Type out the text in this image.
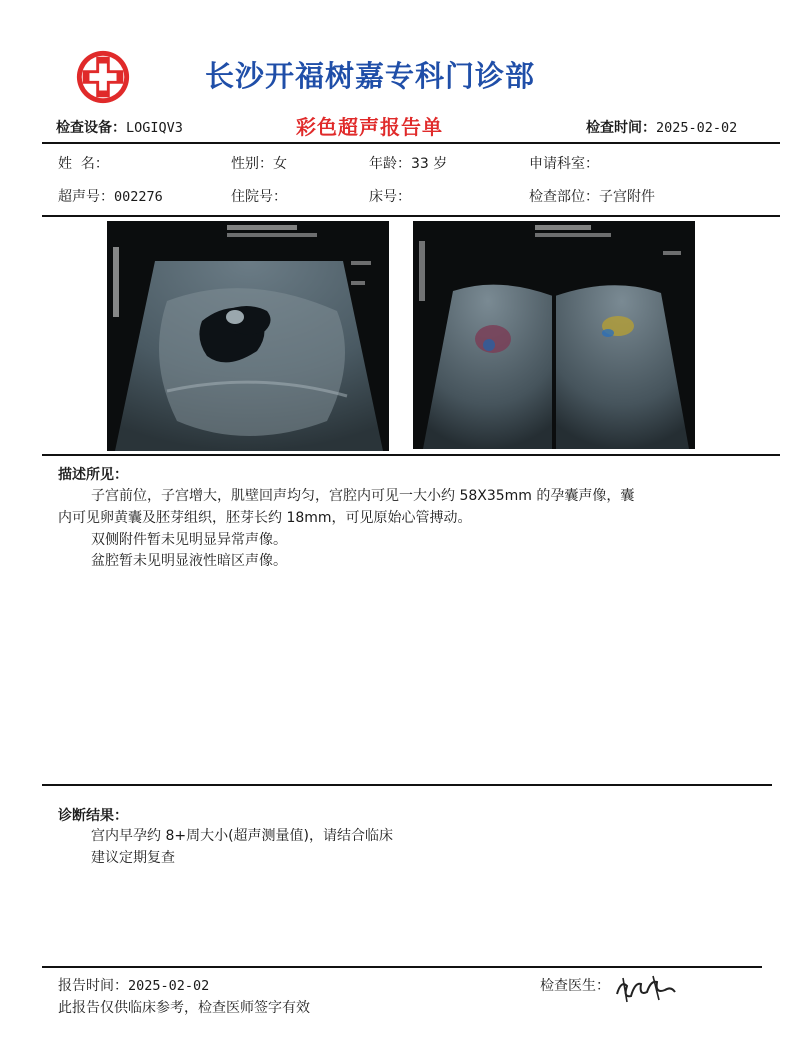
长沙开福树嘉专科门诊部
检查设备：LOGIQV3	彩色超声报告单	检查时间：2025-02-02
姓  名：	性别：女	年龄：33 岁	申请科室：
超声号：002276	住院号：	床号：	检查部位：子宫附件
描述所见：
子宫前位，子宫增大，肌壁回声均匀，宫腔内可见一大小约 58X35mm 的孕囊声像，囊
内可见卵黄囊及胚芽组织，胚芽长约 18mm，可见原始心管搏动。
双侧附件暂未见明显异常声像。
盆腔暂未见明显液性暗区声像。
诊断结果：
宫内早孕约 8+周大小(超声测量值)，请结合临床
建议定期复查
报告时间：2025-02-02	检查医生：
此报告仅供临床参考，检查医师签字有效
